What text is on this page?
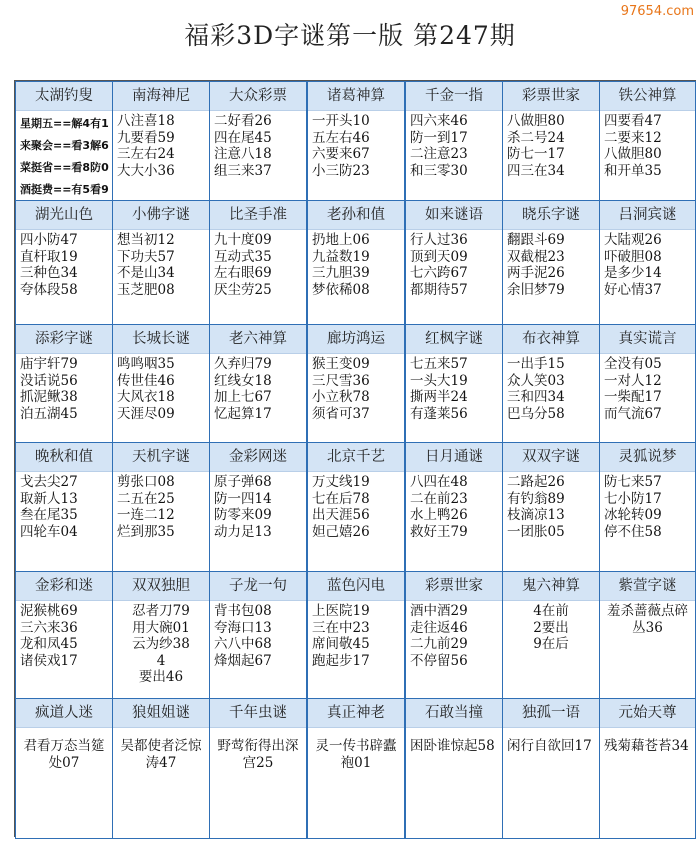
97654.com
福彩3D字谜第一版 第247期
太湖钓叟
星期五==解4有1
来聚会==看3解6
菜挺省==看8防0
酒挺费==有5看9
南海神尼
八注喜18
九要看59
三左右24
大大小36
大众彩票
二好看26
四在尾45
注意八18
组三来37
诸葛神算
一开头10
五左右46
六要来67
小三防23
千金一指
四六来46
防一到17
二注意23
和三零30
彩票世家
八做胆80
杀二号24
防七一17
四三在34
铁公神算
四要看47
二要来12
八做胆80
和开单35
湖光山色
四小防47
直杆取19
三种色34
夸体段58
小佛字谜
想当初12
下功夫57
不是山34
玉芝肥08
比圣手准
九十度09
互动式35
左右眼69
厌尘劳25
老孙和值
扔地上06
九益数19
三九胆39
梦依稀08
如来谜语
行人过36
顶到天09
七六跨67
都期待57
晓乐字谜
翻跟斗69
双截棍23
两手泥26
余旧梦79
吕洞宾谜
大陆观26
吓破胆08
是多少14
好心情37
添彩字谜
庙宇轩79
没话说56
抓泥鳅38
泊五湖45
长城长谜
鸣鸣咽35
传世佳46
大风衣18
天涯尽09
老六神算
久弃归79
红线女18
加上七67
忆起算17
廊坊鸿运
猴王变09
三尺雪36
小立秋78
须省可37
红枫字谜
七五来57
一头大19
撕两半24
有蓬莱56
布衣神算
一出手15
众人笑03
三和四34
巴乌分58
真实谎言
全没有05
一对人12
一柴配17
而气流67
晚秋和值
戈去尖27
取新人13
叁在尾35
四轮车04
天机字谜
剪张口08
二五在25
一连二12
烂到那35
金彩网迷
原子弹68
防一四14
防零来09
动力足13
北京千艺
万丈线19
七在后78
出天涯56
妲己嬉26
日月通谜
八四在48
二在前23
水上鸭26
救好王79
双双字谜
二路起26
有钓翁89
枝滴凉13
一团胀05
灵狐说梦
防七来57
七小防17
冰轮转09
停不住58
金彩和迷
泥猴桃69
三六来36
龙和凤45
诸侯戏17
双双独胆
忍者刀79
用大碗01
云为纱38
4
要出46
子龙一句
背书包08
夸海口13
六八中68
烽烟起67
蓝色闪电
上医院19
三在中23
席间敬45
跑起步17
彩票世家
酒中酒29
走往返46
二九前29
不停留56
鬼六神算
4在前
2要出
9在后
紫萱字谜
羞杀蔷薇点碎丛36
疯道人迷
君看万态当筵处07
狼姐姐谜
吴都使者泛惊涛47
千年虫谜
野莺衔得出深宫25
真正神老
灵一传书辟蠹袍01
石敢当撞
困卧谁惊起58
独孤一语
闲行自欲回17
元始天尊
残菊藉苍苔34
